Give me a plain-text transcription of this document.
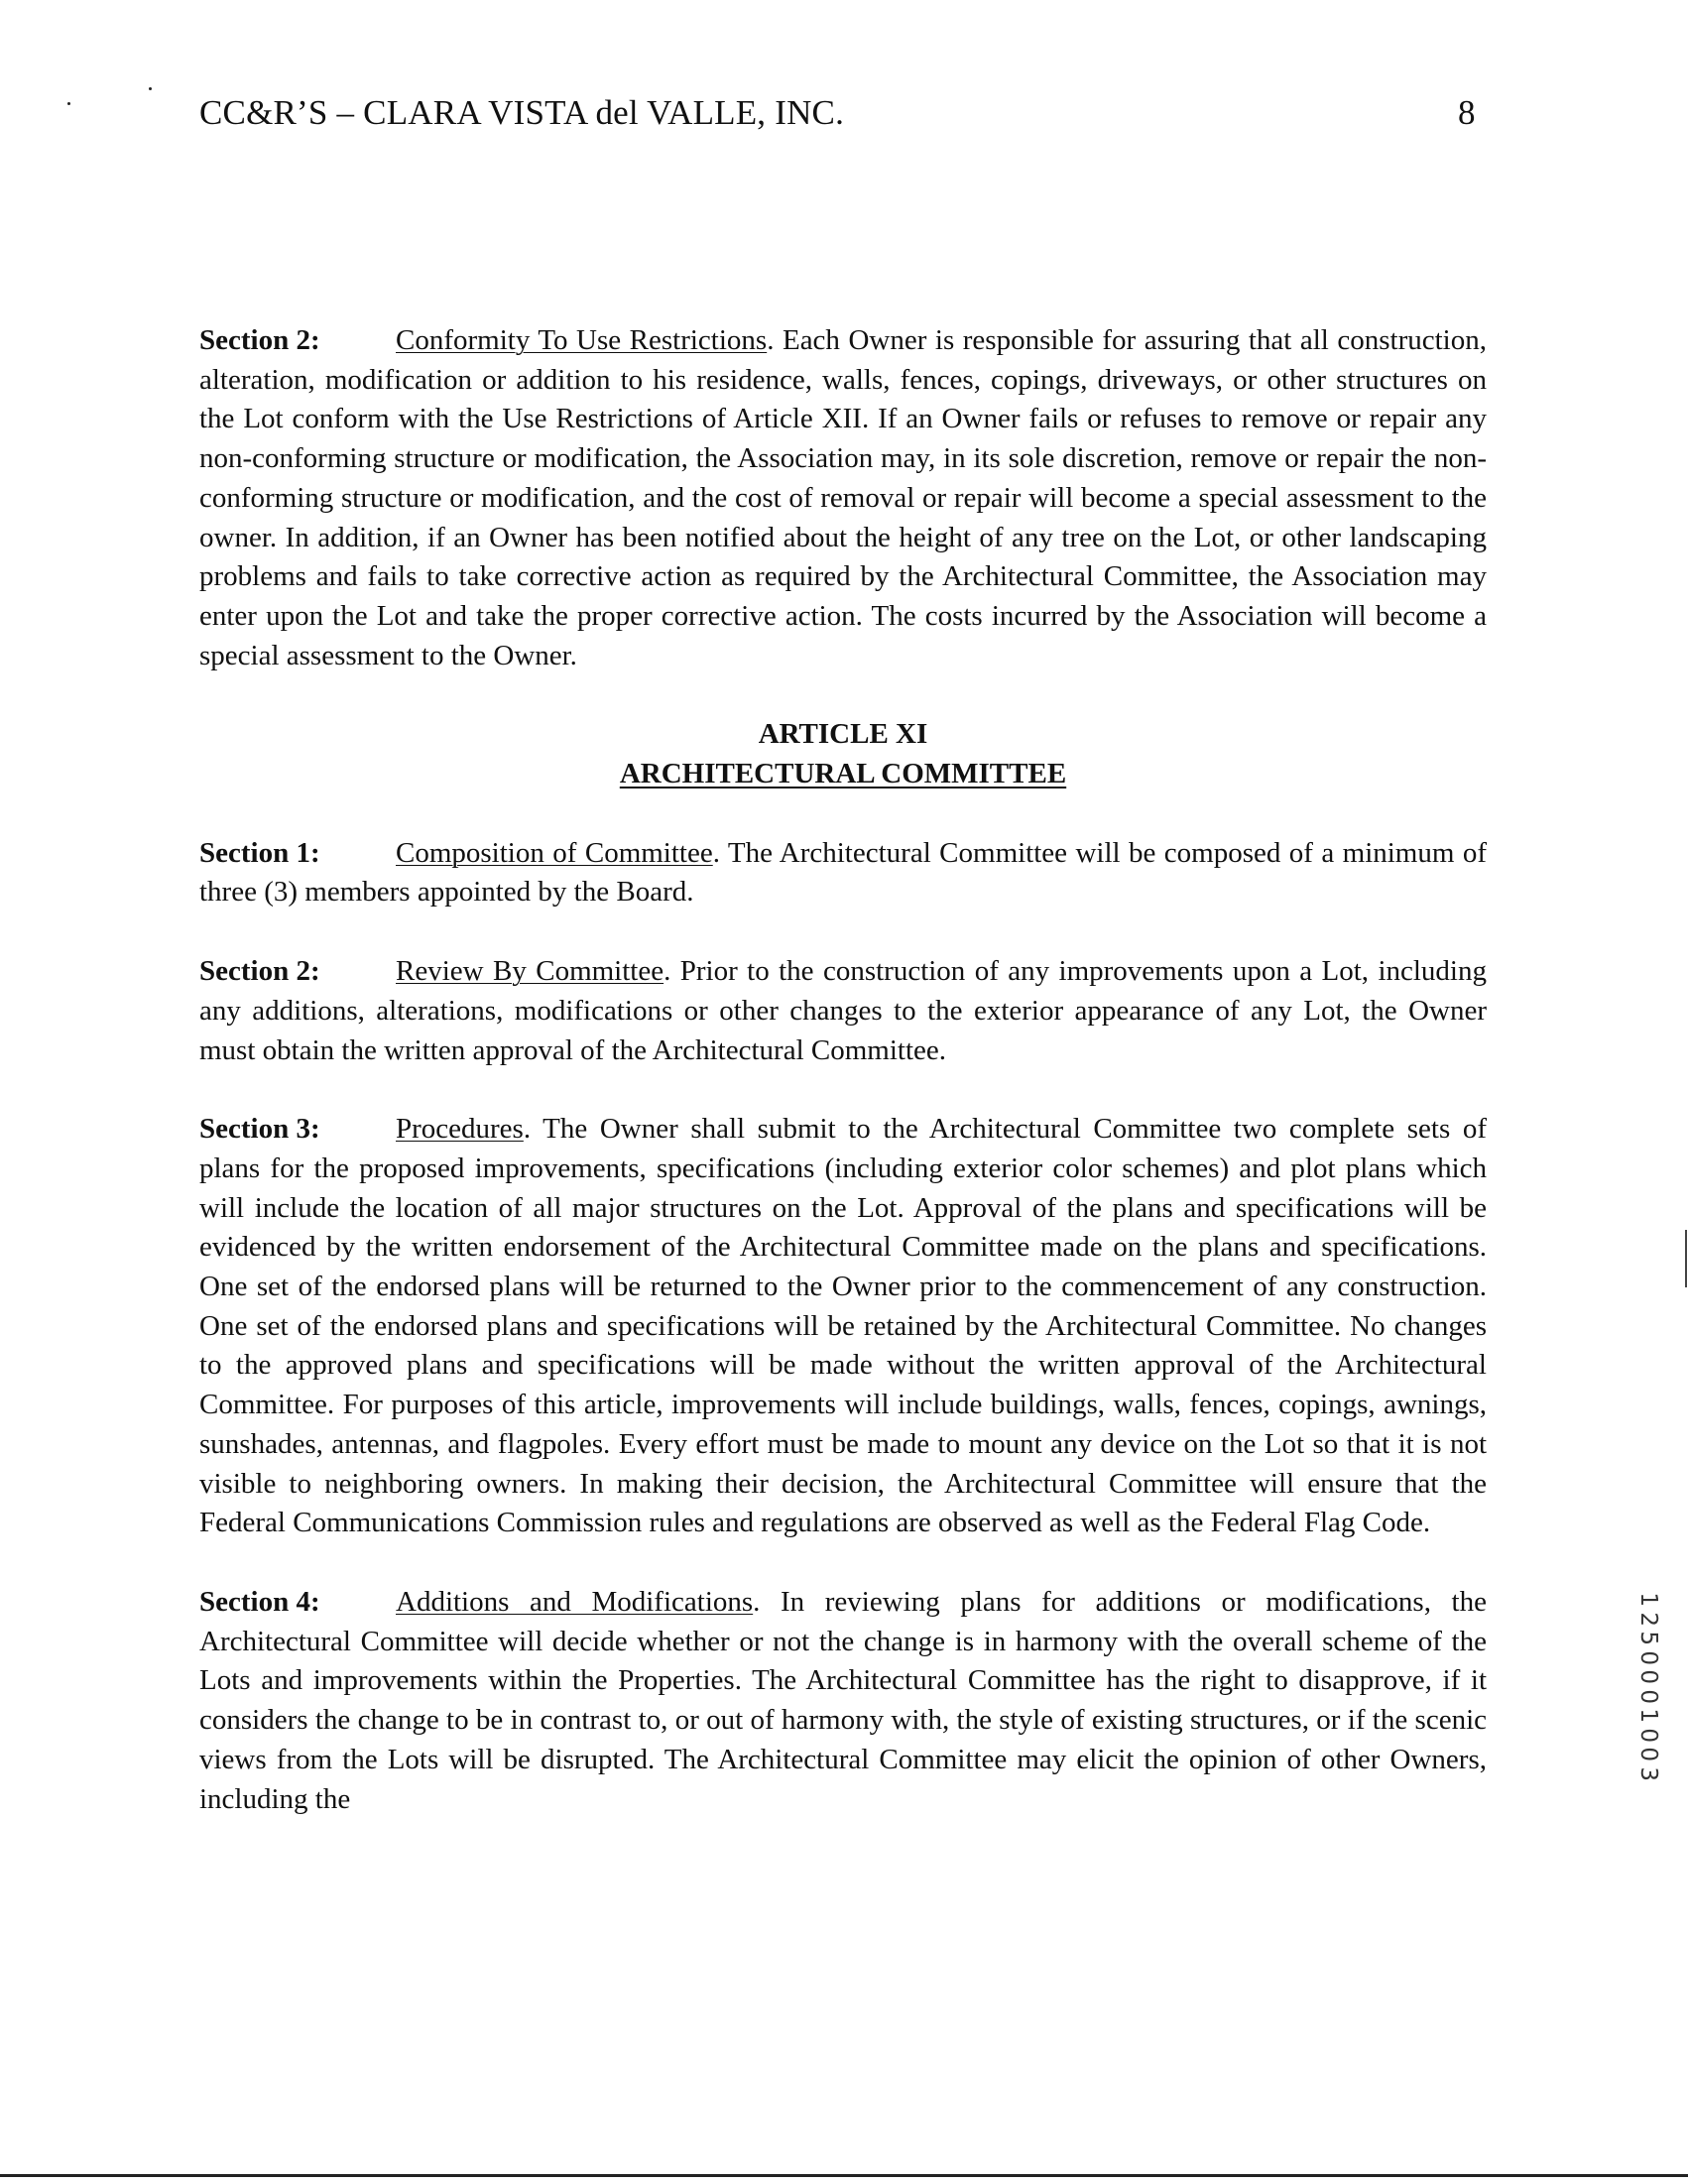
CC&R’S – CLARA VISTA del VALLE, INC.	8

Section 2:	Conformity To Use Restrictions. Each Owner is responsible for assuring that all construction, alteration, modification or addition to his residence, walls, fences, copings, driveways, or other structures on the Lot conform with the Use Restrictions of Article XII. If an Owner fails or refuses to remove or repair any non-conforming structure or modification, the Association may, in its sole discretion, remove or repair the non-conforming structure or modification, and the cost of removal or repair will become a special assessment to the owner. In addition, if an Owner has been notified about the height of any tree on the Lot, or other landscaping problems and fails to take corrective action as required by the Architectural Committee, the Association may enter upon the Lot and take the proper corrective action. The costs incurred by the Association will become a special assessment to the Owner.

ARTICLE XI
ARCHITECTURAL COMMITTEE

Section 1:	Composition of Committee. The Architectural Committee will be composed of a minimum of three (3) members appointed by the Board.

Section 2:	Review By Committee. Prior to the construction of any improvements upon a Lot, including any additions, alterations, modifications or other changes to the exterior appearance of any Lot, the Owner must obtain the written approval of the Architectural Committee.

Section 3:	Procedures. The Owner shall submit to the Architectural Committee two complete sets of plans for the proposed improvements, specifications (including exterior color schemes) and plot plans which will include the location of all major structures on the Lot. Approval of the plans and specifications will be evidenced by the written endorsement of the Architectural Committee made on the plans and specifications. One set of the endorsed plans will be returned to the Owner prior to the commencement of any construction. One set of the endorsed plans and specifications will be retained by the Architectural Committee. No changes to the approved plans and specifications will be made without the written approval of the Architectural Committee. For purposes of this article, improvements will include buildings, walls, fences, copings, awnings, sunshades, antennas, and flagpoles. Every effort must be made to mount any device on the Lot so that it is not visible to neighboring owners. In making their decision, the Architectural Committee will ensure that the Federal Communications Commission rules and regulations are observed as well as the Federal Flag Code.

Section 4:	Additions and Modifications. In reviewing plans for additions or modifications, the Architectural Committee will decide whether or not the change is in harmony with the overall scheme of the Lots and improvements within the Properties. The Architectural Committee has the right to disapprove, if it considers the change to be in contrast to, or out of harmony with, the style of existing structures, or if the scenic views from the Lots will be disrupted. The Architectural Committee may elicit the opinion of other Owners, including the

1
2
5
0
0
0
1
0
0
3
